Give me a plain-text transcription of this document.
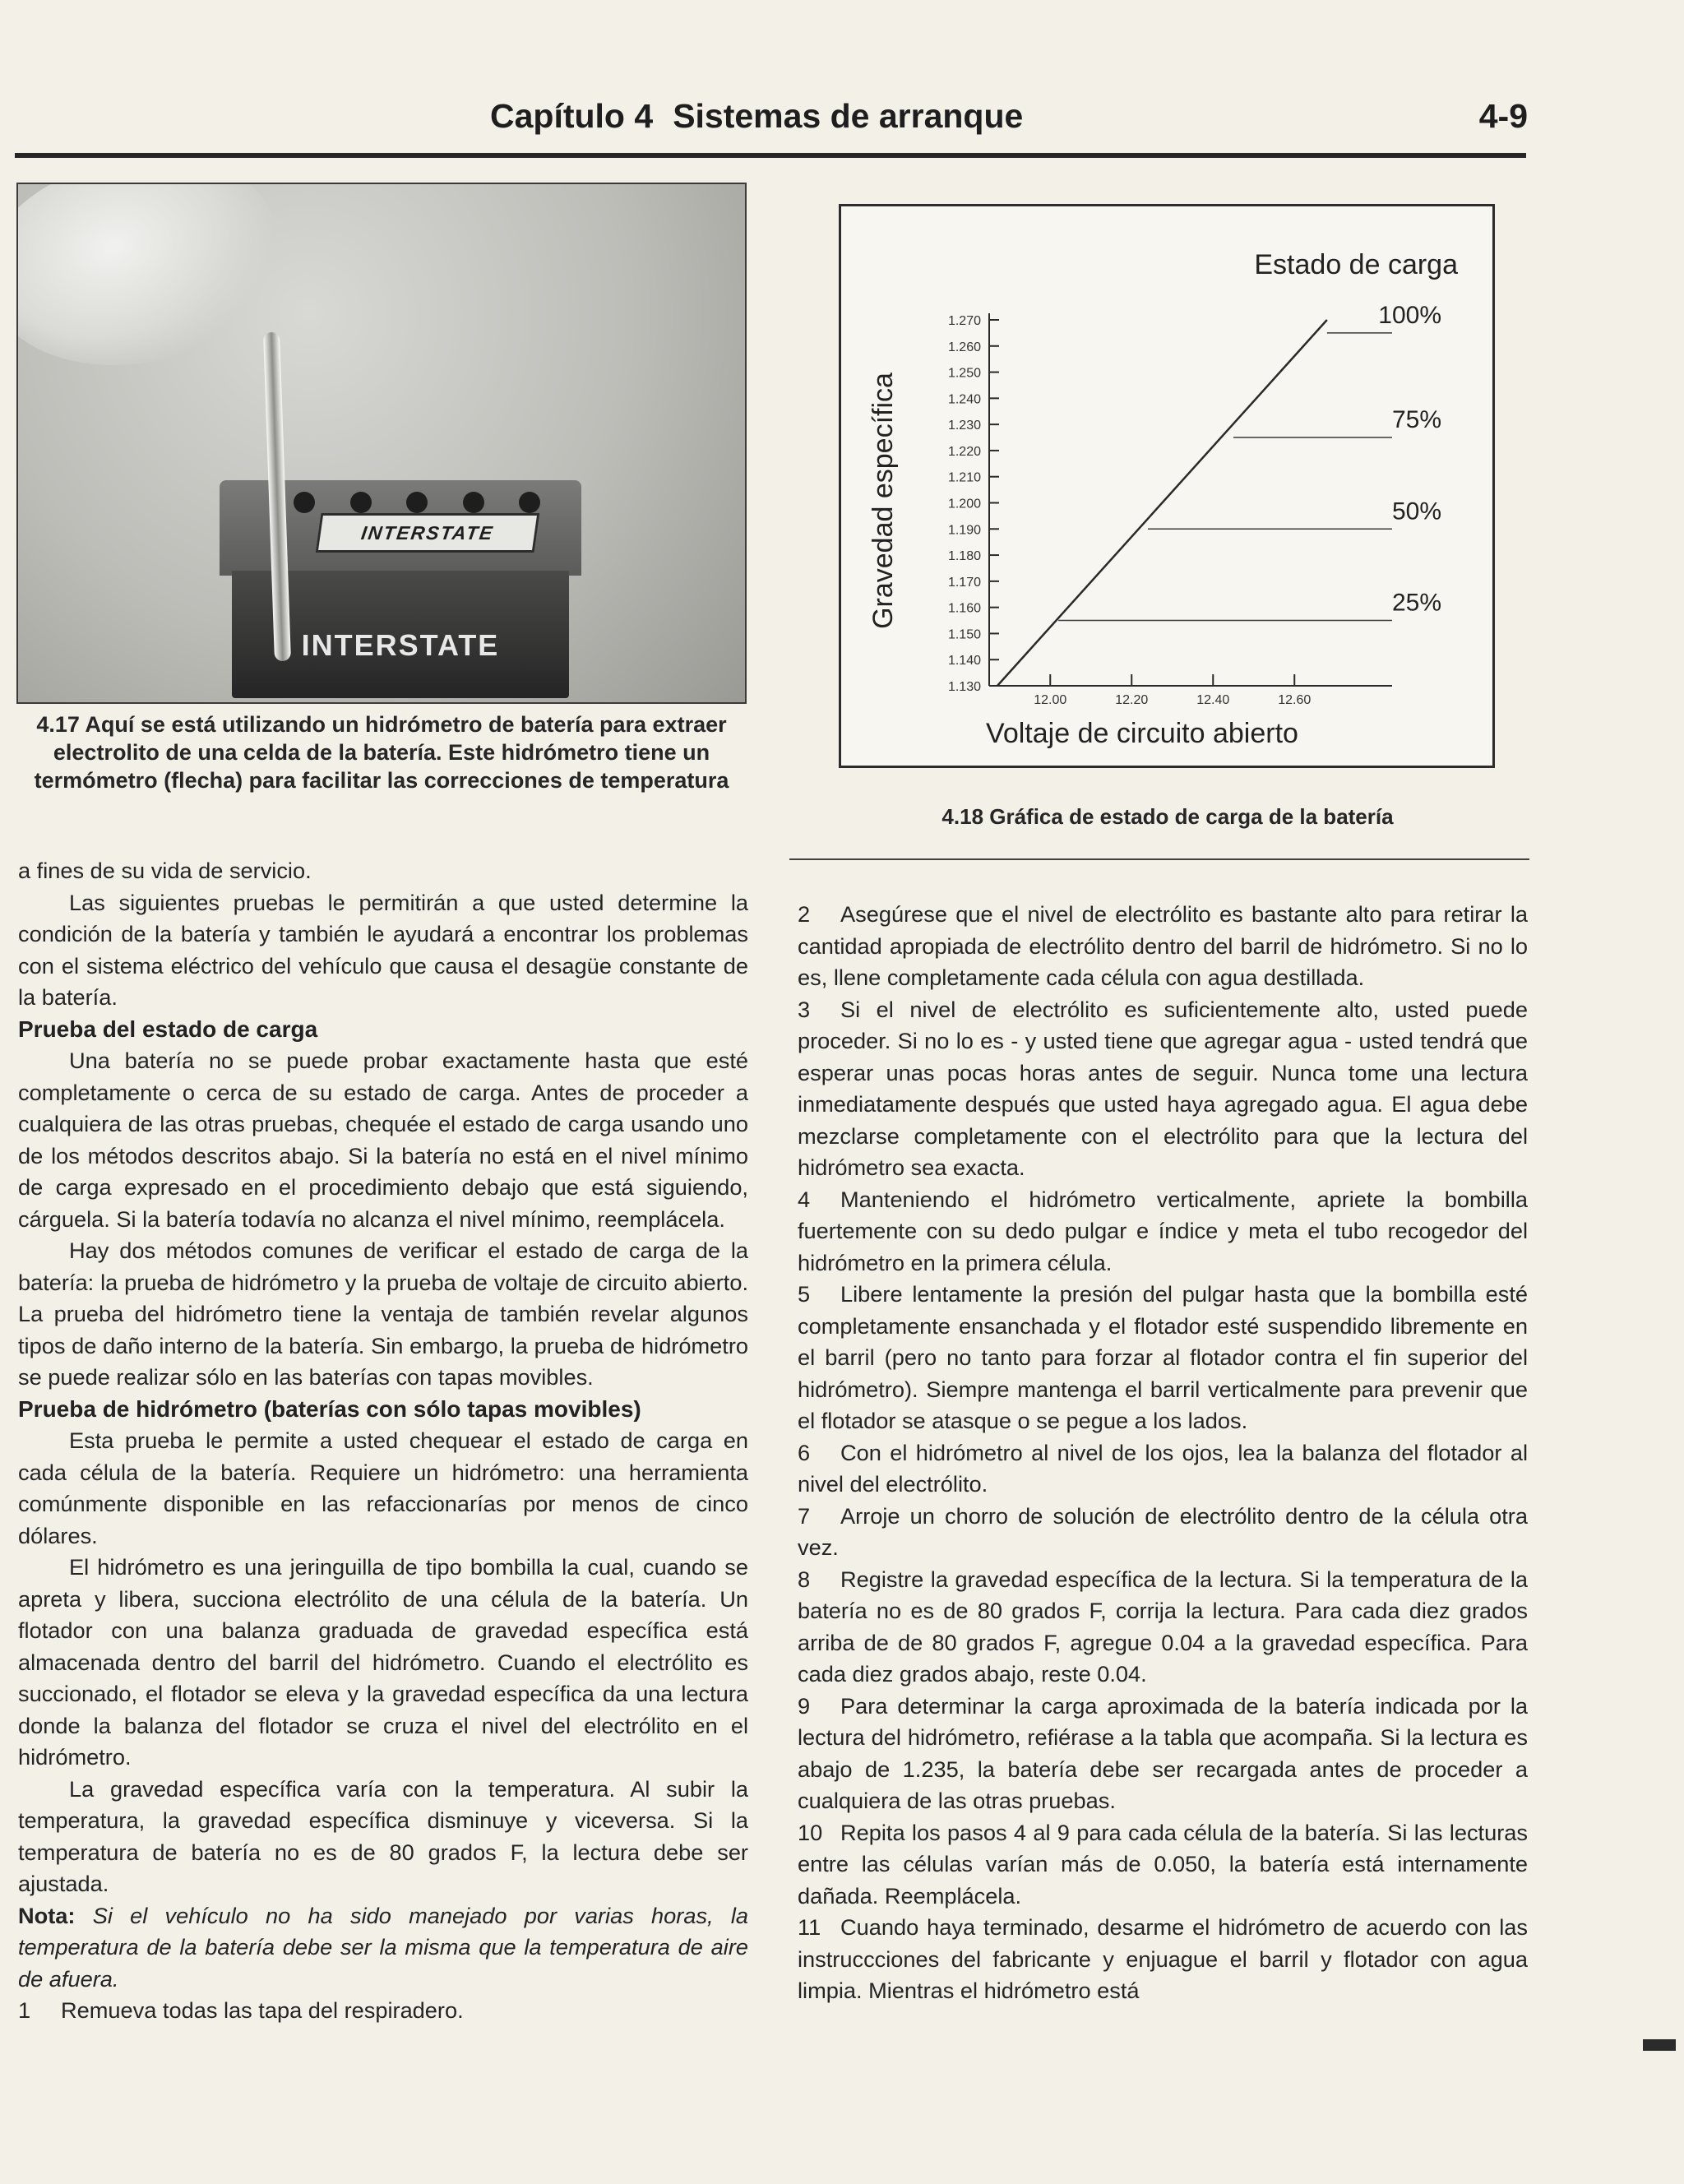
Capítulo 4 Sistemas de arranque	4-9
INTERSTATE
INTERSTATE
4.17 Aquí se está utilizando un hidrómetro de batería para extraer electrolito de una celda de la batería. Este hidrómetro tiene un termómetro (flecha) para facilitar las correcciones de temperatura
1.270
1.260
1.250
1.240
1.230
1.220
1.210
1.200
1.190
1.180
1.170
1.160
1.150
1.140
1.130
12.00	12.20	12.40	12.60
100%
75%
50%
25%
Estado de carga
Voltaje de circuito abierto
Gravedad específica
4.18 Gráfica de estado de carga de la batería

a fines de su vida de servicio.

Las siguientes pruebas le permitirán a que usted determine la condición de la batería y también le ayudará a encontrar los problemas con el sistema eléctrico del vehículo que causa el desagüe constante de la batería.

Prueba del estado de carga

Una batería no se puede probar exactamente hasta que esté completamente o cerca de su estado de carga. Antes de proceder a cualquiera de las otras pruebas, chequée el estado de carga usando uno de los métodos descritos abajo. Si la batería no está en el nivel mínimo de carga expresado en el procedimiento debajo que está siguiendo, cárguela. Si la batería todavía no alcanza el nivel mínimo, reemplácela.

Hay dos métodos comunes de verificar el estado de carga de la batería: la prueba de hidrómetro y la prueba de voltaje de circuito abierto. La prueba del hidrómetro tiene la ventaja de también revelar algunos tipos de daño interno de la batería. Sin embargo, la prueba de hidrómetro se puede realizar sólo en las baterías con tapas movibles.

Prueba de hidrómetro (baterías con sólo tapas movibles)

Esta prueba le permite a usted chequear el estado de carga en cada célula de la batería. Requiere un hidrómetro: una herramienta comúnmente disponible en las refaccionarías por menos de cinco dólares.

El hidrómetro es una jeringuilla de tipo bombilla la cual, cuando se apreta y libera, succiona electrólito de una célula de la batería. Un flotador con una balanza graduada de gravedad específica está almacenada dentro del barril del hidrómetro. Cuando el electrólito es succionado, el flotador se eleva y la gravedad específica da una lectura donde la balanza del flotador se cruza el nivel del electrólito en el hidrómetro.

La gravedad específica varía con la temperatura. Al subir la temperatura, la gravedad específica disminuye y viceversa. Si la temperatura de batería no es de 80 grados F, la lectura debe ser ajustada.

Nota: Si el vehículo no ha sido manejado por varias horas, la temperatura de la batería debe ser la misma que la temperatura de aire de afuera.

1 Remueva todas las tapa del respiradero.

2 Asegúrese que el nivel de electrólito es bastante alto para retirar la cantidad apropiada de electrólito dentro del barril de hidrómetro. Si no lo es, llene completamente cada célula con agua destillada.

3 Si el nivel de electrólito es suficientemente alto, usted puede proceder. Si no lo es - y usted tiene que agregar agua - usted tendrá que esperar unas pocas horas antes de seguir. Nunca tome una lectura inmediatamente después que usted haya agregado agua. El agua debe mezclarse completamente con el electrólito para que la lectura del hidrómetro sea exacta.

4 Manteniendo el hidrómetro verticalmente, apriete la bombilla fuertemente con su dedo pulgar e índice y meta el tubo recogedor del hidrómetro en la primera célula.

5 Libere lentamente la presión del pulgar hasta que la bombilla esté completamente ensanchada y el flotador esté suspendido libremente en el barril (pero no tanto para forzar al flotador contra el fin superior del hidrómetro). Siempre mantenga el barril verticalmente para prevenir que el flotador se atasque o se pegue a los lados.

6 Con el hidrómetro al nivel de los ojos, lea la balanza del flotador al nivel del electrólito.

7 Arroje un chorro de solución de electrólito dentro de la célula otra vez.

8 Registre la gravedad específica de la lectura. Si la temperatura de la batería no es de 80 grados F, corrija la lectura. Para cada diez grados arriba de de 80 grados F, agregue 0.04 a la gravedad específica. Para cada diez grados abajo, reste 0.04.

9 Para determinar la carga aproximada de la batería indicada por la lectura del hidrómetro, refiérase a la tabla que acompaña. Si la lectura es abajo de 1.235, la batería debe ser recargada antes de proceder a cualquiera de las otras pruebas.

10 Repita los pasos 4 al 9 para cada célula de la batería. Si las lecturas entre las células varían más de 0.050, la batería está internamente dañada. Reemplácela.

11 Cuando haya terminado, desarme el hidrómetro de acuerdo con las instruccciones del fabricante y enjuague el barril y flotador con agua limpia. Mientras el hidrómetro está
